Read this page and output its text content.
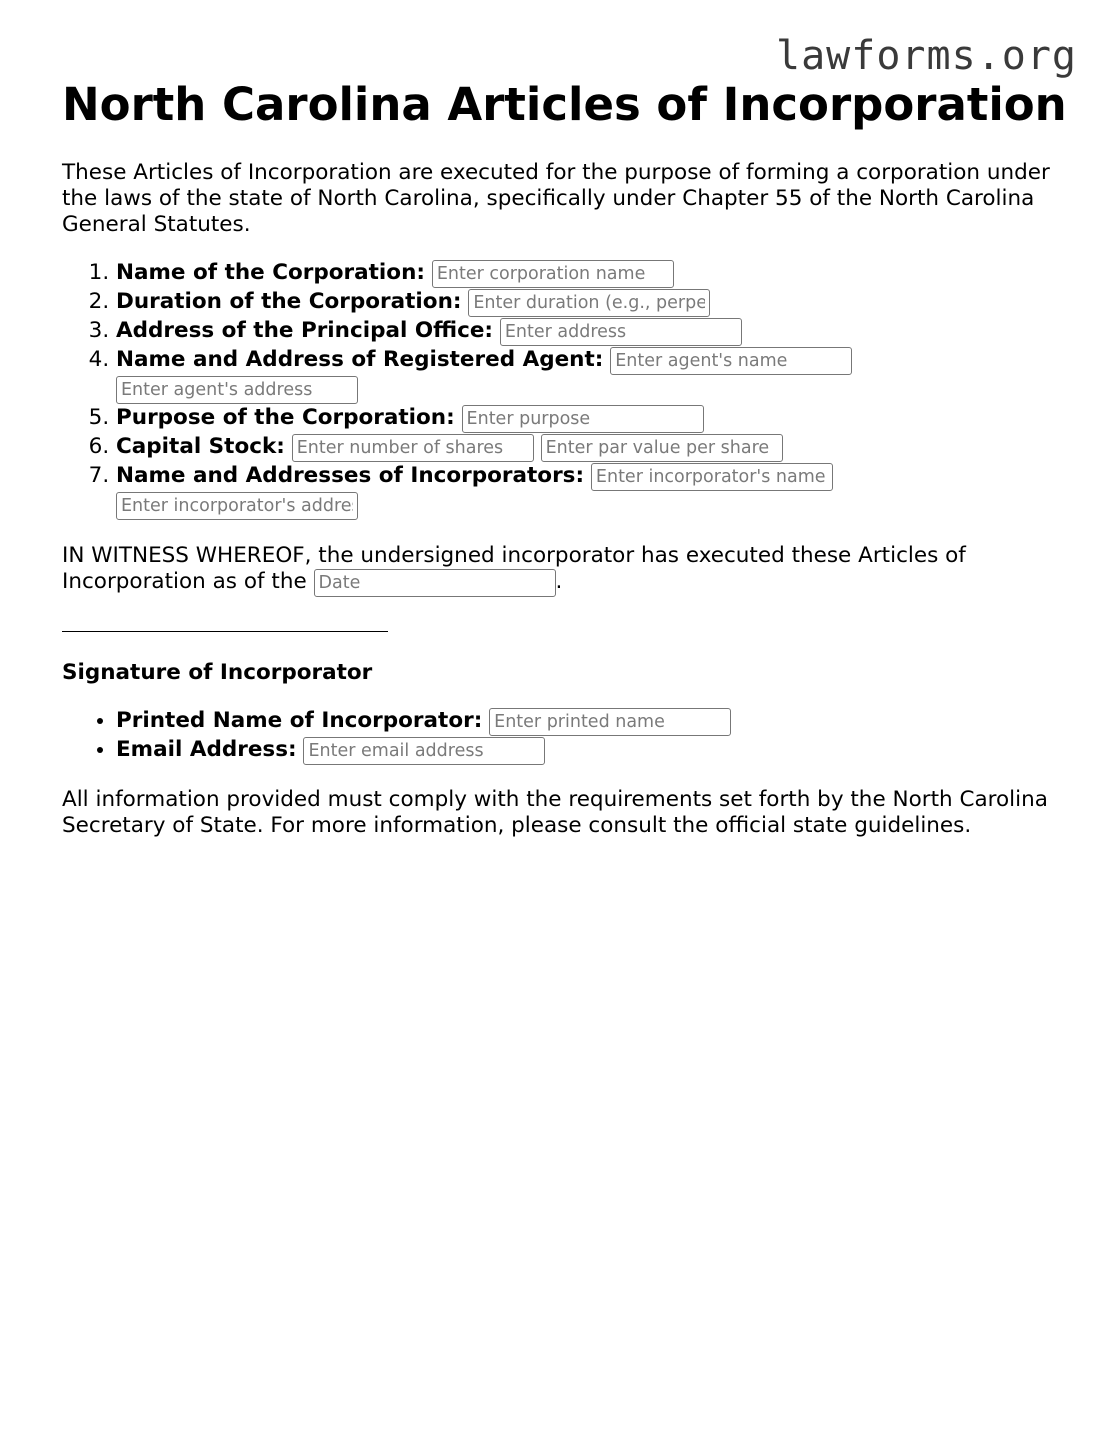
lawforms.org
North Carolina Articles of Incorporation

These Articles of Incorporation are executed for the purpose of forming a corporation under the laws of the state of North Carolina, specifically under Chapter 55 of the North Carolina General Statutes.

1. Name of the Corporation: Enter corporation name
2. Duration of the Corporation: Enter duration (e.g., perpetual)
3. Address of the Principal Office: Enter address
4. Name and Address of Registered Agent: Enter agent's name Enter agent's address
5. Purpose of the Corporation: Enter purpose
6. Capital Stock: Enter number of shares Enter par value per share
7. Name and Addresses of Incorporators: Enter incorporator's name Enter incorporator's address

IN WITNESS WHEREOF, the undersigned incorporator has executed these Articles of Incorporation as of the Date	.

Signature of Incorporator
• Printed Name of Incorporator: Enter printed name
• Email Address: Enter email address

All information provided must comply with the requirements set forth by the North Carolina Secretary of State. For more information, please consult the official state guidelines.
